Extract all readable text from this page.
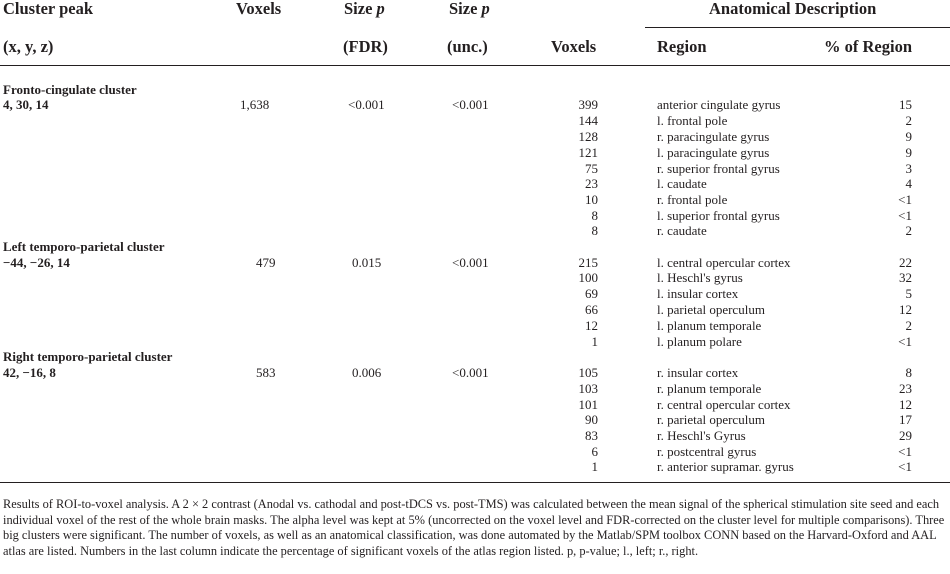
Cluster peak	Voxels	Size p	Size p	Anatomical Description
(x, y, z)	(FDR)	(unc.)	Voxels	Region	% of Region
Fronto-cingulate cluster
4, 30, 14	1,638	<0.001	<0.001	399	anterior cingulate gyrus	15
144	l. frontal pole	2
128	r. paracingulate gyrus	9
121	l. paracingulate gyrus	9
75	r. superior frontal gyrus	3
23	l. caudate	4
10	r. frontal pole	<1
8	l. superior frontal gyrus	<1
8	r. caudate	2
Left temporo-parietal cluster
−44, −26, 14	479	0.015	<0.001	215	l. central opercular cortex	22
100	l. Heschl's gyrus	32
69	l. insular cortex	5
66	l. parietal operculum	12
12	l. planum temporale	2
1	l. planum polare	<1
Right temporo-parietal cluster
42, −16, 8	583	0.006	<0.001	105	r. insular cortex	8
103	r. planum temporale	23
101	r. central opercular cortex	12
90	r. parietal operculum	17
83	r. Heschl's Gyrus	29
6	r. postcentral gyrus	<1
1	r. anterior supramar. gyrus	<1
Results of ROI-to-voxel analysis. A 2 × 2 contrast (Anodal vs. cathodal and post-tDCS vs. post-TMS) was calculated between the mean signal of the spherical stimulation site seed and each individual voxel of the rest of the whole brain masks. The alpha level was kept at 5% (uncorrected on the voxel level and FDR-corrected on the cluster level for multiple comparisons). Three big clusters were significant. The number of voxels, as well as an anatomical classification, was done automated by the Matlab/SPM toolbox CONN based on the Harvard-Oxford and AAL atlas are listed. Numbers in the last column indicate the percentage of significant voxels of the atlas region listed. p, p-value; l., left; r., right.
